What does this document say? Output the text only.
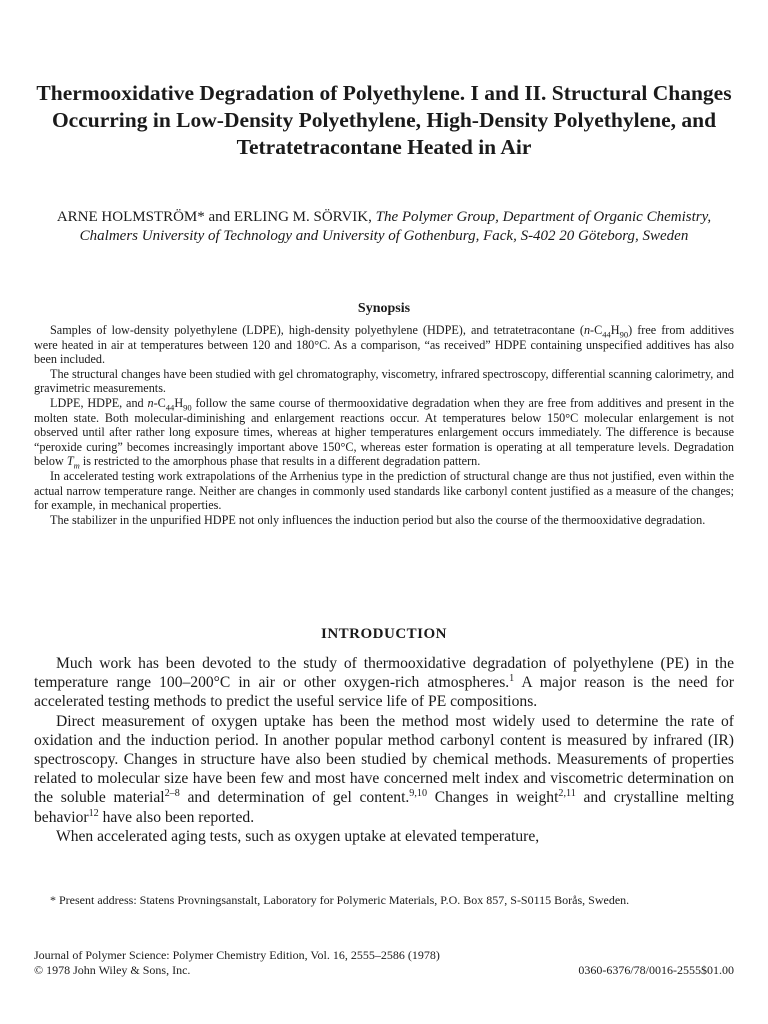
Thermooxidative Degradation of Polyethylene. I and II. Structural Changes Occurring in Low-Density Polyethylene, High-Density Polyethylene, and Tetratetracontane Heated in Air
ARNE HOLMSTRÖM* and ERLING M. SÖRVIK, The Polymer Group, Department of Organic Chemistry, Chalmers University of Technology and University of Gothenburg, Fack, S-402 20 Göteborg, Sweden
Synopsis

Samples of low-density polyethylene (LDPE), high-density polyethylene (HDPE), and tetratetracontane $(n-C_{44}H_{90})$ free from additives were heated in air at temperatures between 120 and 180°C. As a comparison, “as received” HDPE containing unspecified additives has also been included.

The structural changes have been studied with gel chromatography, viscometry, infrared spectroscopy, differential scanning calorimetry, and gravimetric measurements.

LDPE, HDPE, and $n-C_{44}H_{90}$ follow the same course of thermooxidative degradation when they are free from additives and present in the molten state. Both molecular-diminishing and enlargement reactions occur. At temperatures below 150°C molecular enlargement is not observed until after rather long exposure times, whereas at higher temperatures enlargement occurs immediately. The difference is because “peroxide curing” becomes increasingly important above 150°C, whereas ester formation is operating at all temperature levels. Degradation below $T_m$ is restricted to the amorphous phase that results in a different degradation pattern.

In accelerated testing work extrapolations of the Arrhenius type in the prediction of structural change are thus not justified, even within the actual narrow temperature range. Neither are changes in commonly used standards like carbonyl content justified as a measure of the changes; for example, in mechanical properties.

The stabilizer in the unpurified HDPE not only influences the induction period but also the course of the thermooxidative degradation.

INTRODUCTION

Much work has been devoted to the study of thermooxidative degradation of polyethylene (PE) in the temperature range 100–200°C in air or other oxygen-rich atmospheres.$^1$ A major reason is the need for accelerated testing methods to predict the useful service life of PE compositions.

Direct measurement of oxygen uptake has been the method most widely used to determine the rate of oxidation and the induction period. In another popular method carbonyl content is measured by infrared (IR) spectroscopy. Changes in structure have also been studied by chemical methods. Measurements of properties related to molecular size have been few and most have concerned melt index and viscometric determination on the soluble material$^{2-8}$ and determination of gel content.$^{9,10}$ Changes in weight$^{2,11}$ and crystalline melting behavior$^{12}$ have also been reported.

When accelerated aging tests, such as oxygen uptake at elevated temperature,

* Present address: Statens Provningsanstalt, Laboratory for Polymeric Materials, P.O. Box 857, S-S0115 Borås, Sweden.

Journal of Polymer Science: Polymer Chemistry Edition, Vol. 16, 2555–2586 (1978)
© 1978 John Wiley & Sons, Inc.	0360-6376/78/0016-2555$01.00
